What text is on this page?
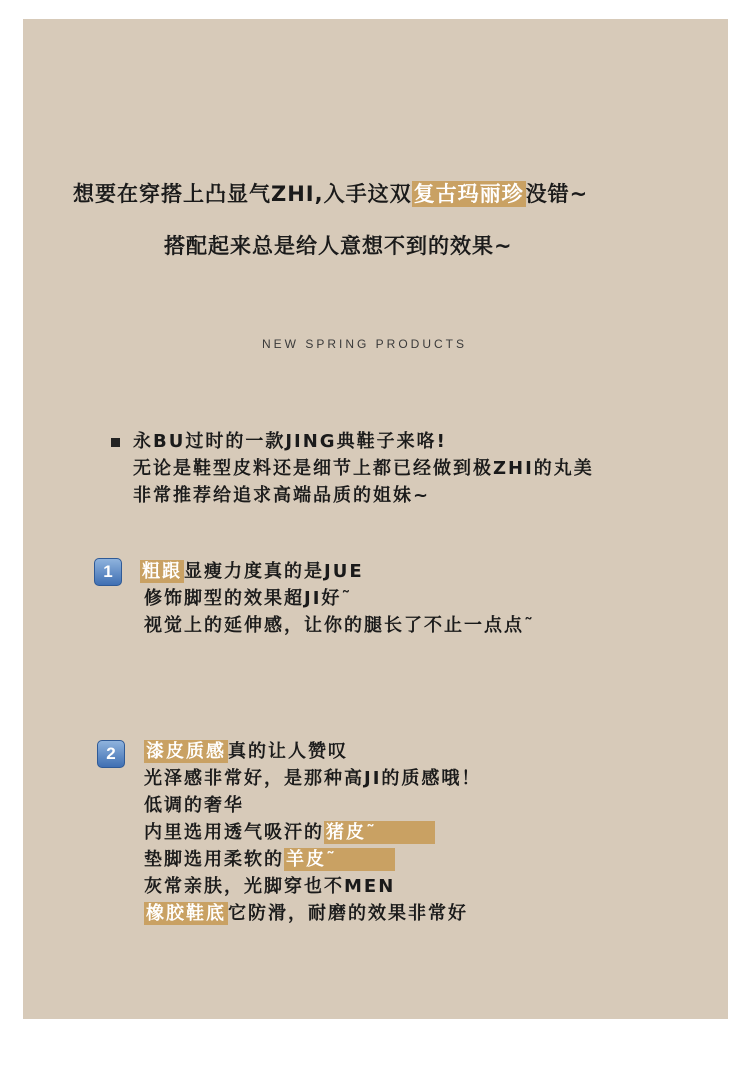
想要在穿搭上凸显气ZHI,入手这双复古玛丽珍没错~
搭配起来总是给人意想不到的效果~
NEW SPRING PRODUCTS
永BU过时的一款JING典鞋子来咯!
无论是鞋型皮料还是细节上都已经做到极ZHI的丸美
非常推荐给追求高端品质的姐妹~
1	粗跟 显瘦力度真的是JUE
修饰脚型的效果超JI好˜
视觉上的延伸感，让你的腿长了不止一点点˜
2	漆皮质感 真的让人赞叹
光泽感非常好，是那种高JI的质感哦！
低调的奢华
内里选用透气吸汗的 猪皮˜
垫脚选用柔软的 羊皮˜
灰常亲肤，光脚穿也不MEN
橡胶鞋底 它防滑，耐磨的效果非常好
